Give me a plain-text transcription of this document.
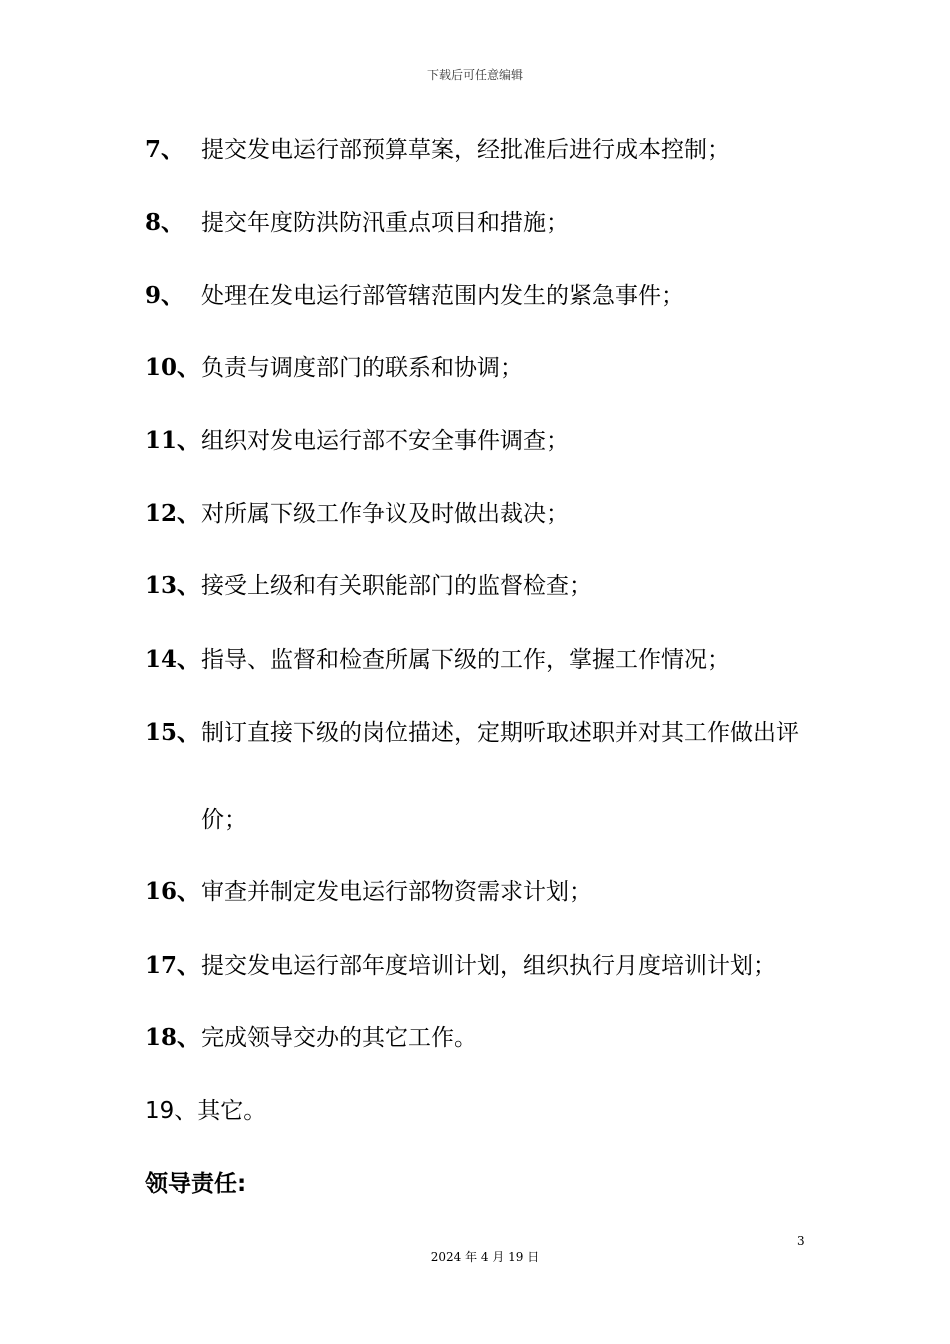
下载后可任意编辑
7、 提交发电运行部预算草案，经批准后进行成本控制；
8、 提交年度防洪防汛重点项目和措施；
9、 处理在发电运行部管辖范围内发生的紧急事件；
10、 负责与调度部门的联系和协调；
11、 组织对发电运行部不安全事件调查；
12、 对所属下级工作争议及时做出裁决；
13、 接受上级和有关职能部门的监督检查；
14、 指导、监督和检查所属下级的工作，掌握工作情况；
15、 制订直接下级的岗位描述，定期听取述职并对其工作做出评
价；
16、 审查并制定发电运行部物资需求计划；
17、 提交发电运行部年度培训计划，组织执行月度培训计划；
18、 完成领导交办的其它工作。
19、其它。
领导责任:
3
2024 年 4 月 19 日
